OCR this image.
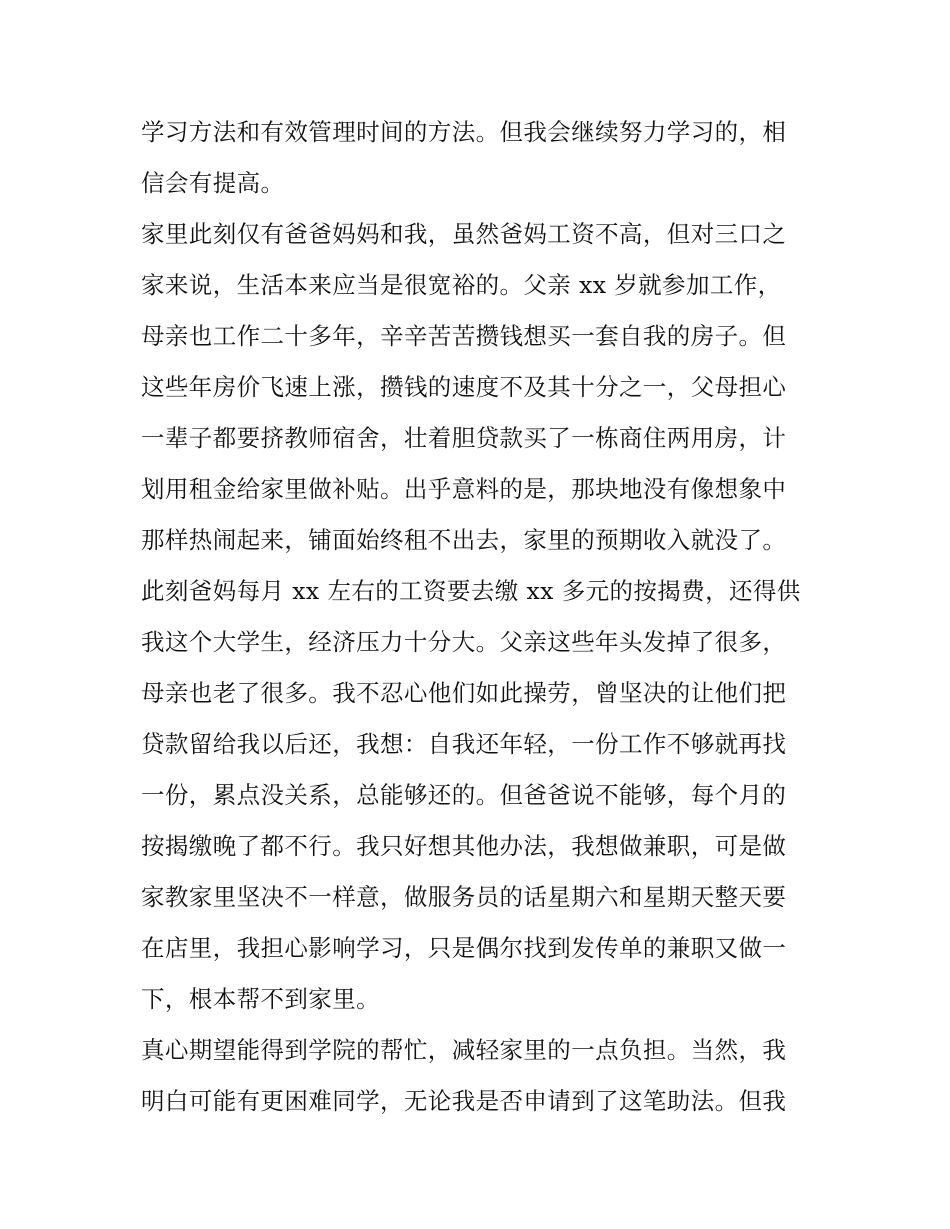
学习方法和有效管理时间的方法。但我会继续努力学习的，相
信会有提高。
家里此刻仅有爸爸妈妈和我，虽然爸妈工资不高，但对三口之
家来说，生活本来应当是很宽裕的。父亲 xx 岁就参加工作，
母亲也工作二十多年，辛辛苦苦攒钱想买一套自我的房子。但
这些年房价飞速上涨，攒钱的速度不及其十分之一，父母担心
一辈子都要挤教师宿舍，壮着胆贷款买了一栋商住两用房，计
划用租金给家里做补贴。出乎意料的是，那块地没有像想象中
那样热闹起来，铺面始终租不出去，家里的预期收入就没了。
此刻爸妈每月 xx 左右的工资要去缴 xx 多元的按揭费，还得供
我这个大学生，经济压力十分大。父亲这些年头发掉了很多，
母亲也老了很多。我不忍心他们如此操劳，曾坚决的让他们把
贷款留给我以后还，我想：自我还年轻，一份工作不够就再找
一份，累点没关系，总能够还的。但爸爸说不能够，每个月的
按揭缴晚了都不行。我只好想其他办法，我想做兼职，可是做
家教家里坚决不一样意，做服务员的话星期六和星期天整天要
在店里，我担心影响学习，只是偶尔找到发传单的兼职又做一
下，根本帮不到家里。
真心期望能得到学院的帮忙，减轻家里的一点负担。当然，我
明白可能有更困难同学，无论我是否申请到了这笔助法。但我
